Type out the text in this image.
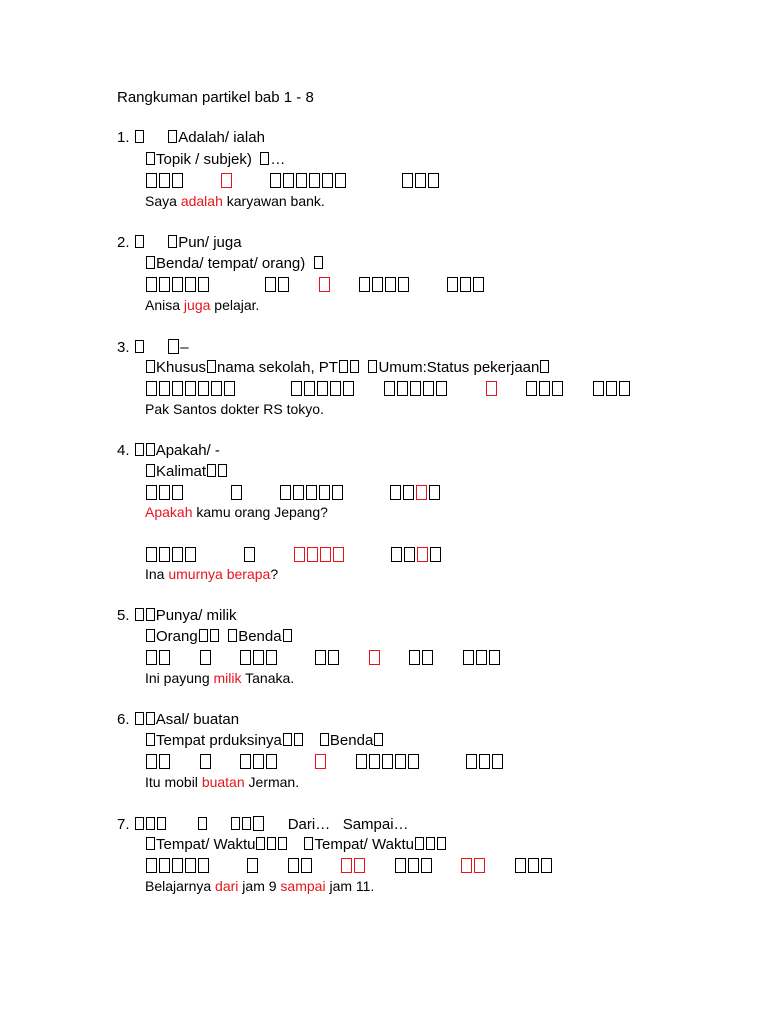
Rangkuman partikel bab 1 - 8
1.   	Adalah/ ialah
Topik / subjek)  …

Saya adalah karyawan bank.
2.   	Pun/ juga
Benda/ tempat/ orang) 

Anisa juga pelajar.
3.   	–
Khusus nama sekolah, PT 	Umum:Status pekerjaan

Pak Santos dokter RS tokyo.
4. Apakah/ -
Kalimat

Apakah kamu orang Jepang?

Ina umurnya berapa?
5. Punya/ milik
Orang 	Benda

Ini payung milik Tanaka.
6. Asal/ buatan
Tempat prduksinya 	Benda

Itu mobil buatan Jerman.
7.       	Dari…   Sampai…
Tempat/ Waktu 	Tempat/ Waktu

Belajarnya dari jam 9 sampai jam 11.
